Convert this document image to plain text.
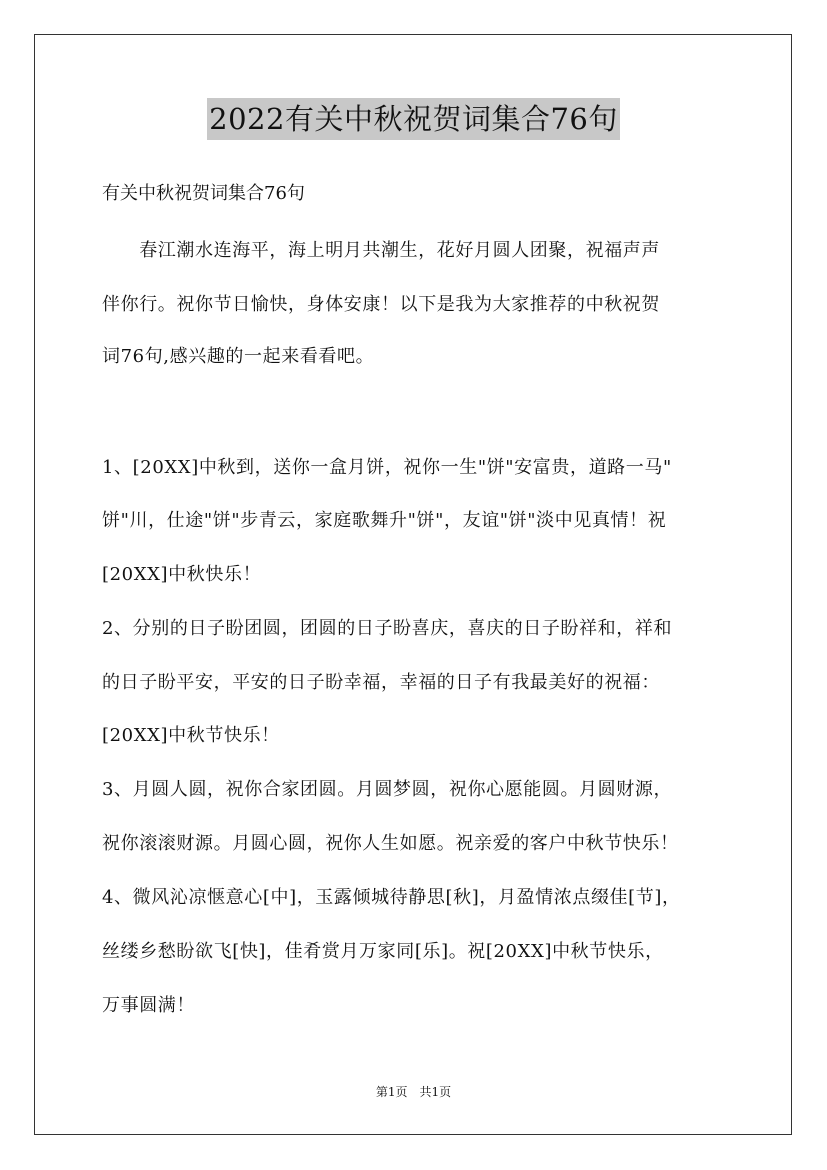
2022有关中秋祝贺词集合76句
有关中秋祝贺词集合76句
　　春江潮水连海平，海上明月共潮生，花好月圆人团聚，祝福声声
伴你行。祝你节日愉快，身体安康！以下是我为大家推荐的中秋祝贺
词76句,感兴趣的一起来看看吧。
1、[20XX]中秋到，送你一盒月饼，祝你一生"饼"安富贵，道路一马"
饼"川，仕途"饼"步青云，家庭歌舞升"饼"，友谊"饼"淡中见真情！祝
[20XX]中秋快乐！
2、分别的日子盼团圆，团圆的日子盼喜庆，喜庆的日子盼祥和，祥和
的日子盼平安，平安的日子盼幸福，幸福的日子有我最美好的祝福：
[20XX]中秋节快乐！
3、月圆人圆，祝你合家团圆。月圆梦圆，祝你心愿能圆。月圆财源，
祝你滚滚财源。月圆心圆，祝你人生如愿。祝亲爱的客户中秋节快乐！
4、微风沁凉惬意心[中]，玉露倾城待静思[秋]，月盈情浓点缀佳[节]，
丝缕乡愁盼欲飞[快]，佳肴赏月万家同[乐]。祝[20XX]中秋节快乐，
万事圆满！
第1页　共1页
